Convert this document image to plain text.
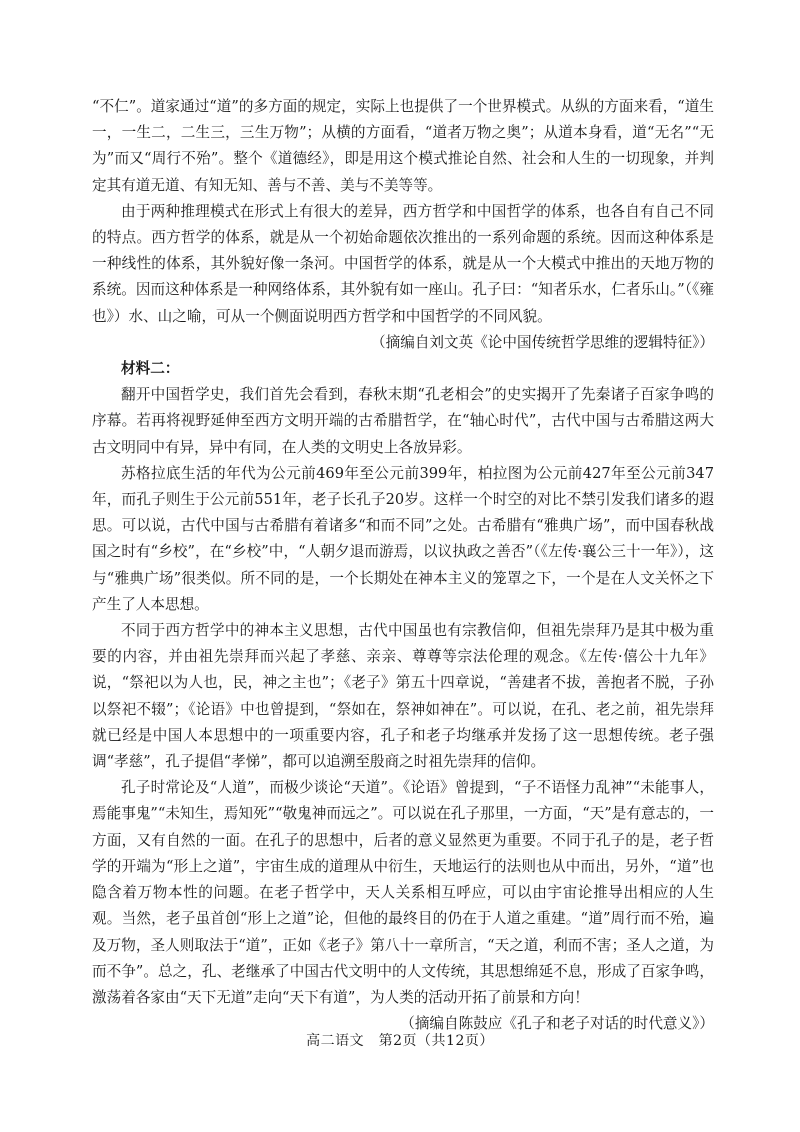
“不仁”。道家通过“道”的多方面的规定，实际上也提供了一个世界模式。从纵的方面来看，“道生一，一生二，二生三，三生万物”；从横的方面看，“道者万物之奥”；从道本身看，道“无名”“无为”而又“周行不殆”。整个《道德经》，即是用这个模式推论自然、社会和人生的一切现象，并判定其有道无道、有知无知、善与不善、美与不美等等。

由于两种推理模式在形式上有很大的差异，西方哲学和中国哲学的体系，也各自有自己不同的特点。西方哲学的体系，就是从一个初始命题依次推出的一系列命题的系统。因而这种体系是一种线性的体系，其外貌好像一条河。中国哲学的体系，就是从一个大模式中推出的天地万物的系统。因而这种体系是一种网络体系，其外貌有如一座山。孔子曰：“知者乐水，仁者乐山。”（《雍也》）水、山之喻，可从一个侧面说明西方哲学和中国哲学的不同风貌。

（摘编自刘文英《论中国传统哲学思维的逻辑特征》）

材料二：

翻开中国哲学史，我们首先会看到，春秋末期“孔老相会”的史实揭开了先秦诸子百家争鸣的序幕。若再将视野延伸至西方文明开端的古希腊哲学，在“轴心时代”，古代中国与古希腊这两大古文明同中有异，异中有同，在人类的文明史上各放异彩。

苏格拉底生活的年代为公元前469年至公元前399年，柏拉图为公元前427年至公元前347年，而孔子则生于公元前551年，老子长孔子20岁。这样一个时空的对比不禁引发我们诸多的遐思。可以说，古代中国与古希腊有着诸多“和而不同”之处。古希腊有“雅典广场”，而中国春秋战国之时有“乡校”，在“乡校”中，“人朝夕退而游焉，以议执政之善否”（《左传·襄公三十一年》），这与“雅典广场”很类似。所不同的是，一个长期处在神本主义的笼罩之下，一个是在人文关怀之下产生了人本思想。

不同于西方哲学中的神本主义思想，古代中国虽也有宗教信仰，但祖先崇拜乃是其中极为重要的内容，并由祖先崇拜而兴起了孝慈、亲亲、尊尊等宗法伦理的观念。《左传·僖公十九年》说，“祭祀以为人也，民，神之主也”；《老子》第五十四章说，“善建者不拔，善抱者不脱，子孙以祭祀不辍”；《论语》中也曾提到，“祭如在，祭神如神在”。可以说，在孔、老之前，祖先崇拜就已经是中国人本思想中的一项重要内容，孔子和老子均继承并发扬了这一思想传统。老子强调“孝慈”，孔子提倡“孝悌”，都可以追溯至殷商之时祖先崇拜的信仰。

孔子时常论及“人道”，而极少谈论“天道”。《论语》曾提到，“子不语怪力乱神”“未能事人，焉能事鬼”“未知生，焉知死”“敬鬼神而远之”。可以说在孔子那里，一方面，“天”是有意志的，一方面，又有自然的一面。在孔子的思想中，后者的意义显然更为重要。不同于孔子的是，老子哲学的开端为“形上之道”，宇宙生成的道理从中衍生，天地运行的法则也从中而出，另外，“道”也隐含着万物本性的问题。在老子哲学中，天人关系相互呼应，可以由宇宙论推导出相应的人生观。当然，老子虽首创“形上之道”论，但他的最终目的仍在于人道之重建。“道”周行而不殆，遍及万物，圣人则取法于“道”，正如《老子》第八十一章所言，“天之道，利而不害；圣人之道，为而不争”。总之，孔、老继承了中国古代文明中的人文传统，其思想绵延不息，形成了百家争鸣，激荡着各家由“天下无道”走向“天下有道”，为人类的活动开拓了前景和方向！

（摘编自陈鼓应《孔子和老子对话的时代意义》）

高二语文　第2页（共12页）
